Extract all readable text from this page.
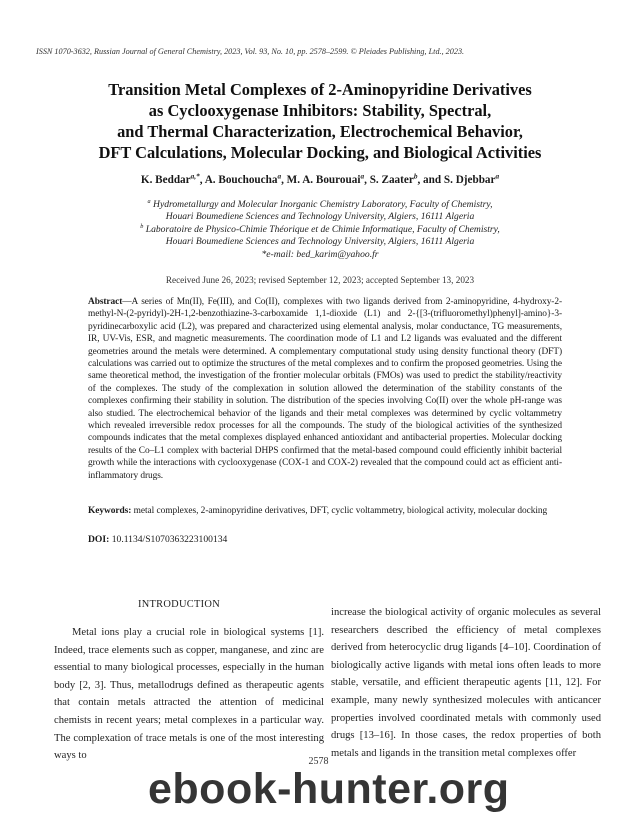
ISSN 1070-3632, Russian Journal of General Chemistry, 2023, Vol. 93, No. 10, pp. 2578–2599. © Pleiades Publishing, Ltd., 2023.
Transition Metal Complexes of 2-Aminopyridine Derivatives
as Cyclooxygenase Inhibitors: Stability, Spectral,
and Thermal Characterization, Electrochemical Behavior,
DFT Calculations, Molecular Docking, and Biological Activities
K. Beddar$^{a,*}$, A. Bouchoucha$^a$, M. A. Bourouai$^a$, S. Zaater$^b$, and S. Djebbar$^a$
$^a$ Hydrometallurgy and Molecular Inorganic Chemistry Laboratory, Faculty of Chemistry,
Houari Boumediene Sciences and Technology University, Algiers, 16111 Algeria
$^b$ Laboratoire de Physico-Chimie Théorique et de Chimie Informatique, Faculty of Chemistry,
Houari Boumediene Sciences and Technology University, Algiers, 16111 Algeria
*e-mail: bed_karim@yahoo.fr
Received June 26, 2023; revised September 12, 2023; accepted September 13, 2023
Abstract—A series of Mn(II), Fe(III), and Co(II), complexes with two ligands derived from 2-aminopyridine, 4-hydroxy-2-methyl-N-(2-pyridyl)-2H-1,2-benzothiazine-3-carboxamide 1,1-dioxide (L1) and 2-{[3-(trifluoromethyl)phenyl]-amino}-3-pyridinecarboxylic acid (L2), was prepared and characterized using elemental analysis, molar conductance, TG measurements, IR, UV-Vis, ESR, and magnetic measurements. The coordination mode of L1 and L2 ligands was evaluated and the different geometries around the metals were determined. A complementary computational study using density functional theory (DFT) calculations was carried out to optimize the structures of the metal complexes and to confirm the proposed geometries. Using the same theoretical method, the investigation of the frontier molecular orbitals (FMOs) was used to predict the stability/reactivity of the complexes. The study of the complexation in solution allowed the determination of the stability constants of the complexes confirming their stability in solution. The distribution of the species involving Co(II) over the whole pH-range was also studied. The electrochemical behavior of the ligands and their metal complexes was determined by cyclic voltammetry which revealed irreversible redox processes for all the compounds. The study of the biological activities of the synthesized compounds indicates that the metal complexes displayed enhanced antioxidant and antibacterial properties. Molecular docking results of the Co–L1 complex with bacterial DHPS confirmed that the metal-based compound could efficiently inhibit bacterial growth while the interactions with cyclooxygenase (COX-1 and COX-2) revealed that the compound could act as efficient anti-inflammatory drugs.
Keywords: metal complexes, 2-aminopyridine derivatives, DFT, cyclic voltammetry, biological activity, molecular docking
DOI: 10.1134/S1070363223100134
INTRODUCTION
Metal ions play a crucial role in biological systems [1]. Indeed, trace elements such as copper, manganese, and zinc are essential to many biological processes, especially in the human body [2, 3]. Thus, metallodrugs defined as therapeutic agents that contain metals attracted the attention of medicinal chemists in recent years; metal complexes in a particular way. The complexation of trace metals is one of the most interesting ways to
increase the biological activity of organic molecules as several researchers described the efficiency of metal complexes derived from heterocyclic drug ligands [4–10]. Coordination of biologically active ligands with metal ions often leads to more stable, versatile, and efficient therapeutic agents [11, 12]. For example, many newly synthesized molecules with anticancer properties involved coordinated metals with commonly used drugs [13–16]. In those cases, the redox properties of both metals and ligands in the transition metal complexes offer
2578
ebook-hunter.org
